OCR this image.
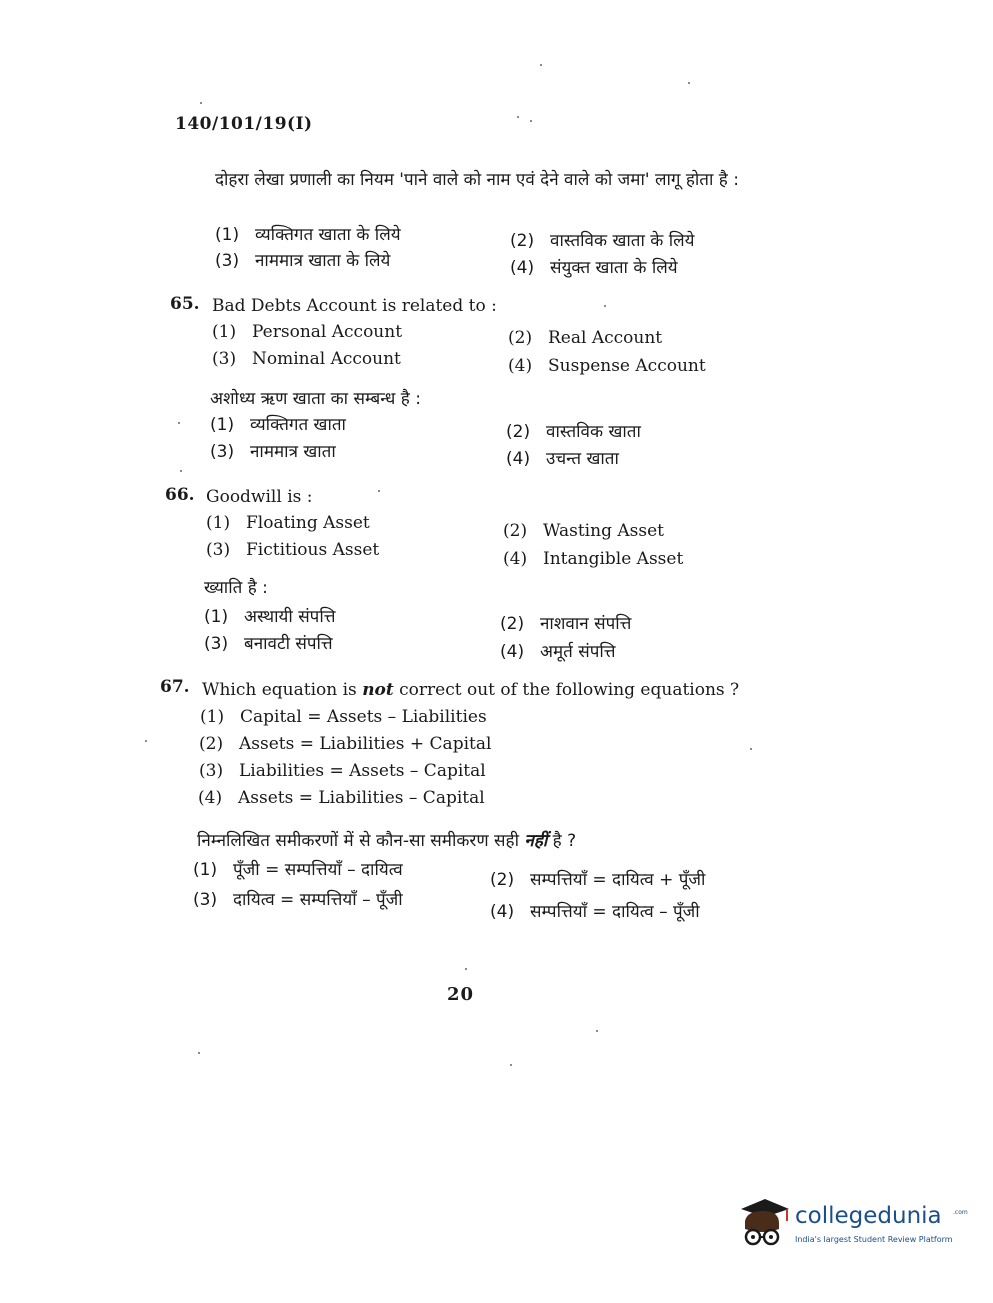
140/101/19(I)
दोहरा लेखा प्रणाली का नियम 'पाने वाले को नाम एवं देने वाले को जमा' लागू होता है :
(1) व्यक्तिगत खाता के लिये	(2) वास्तविक खाता के लिये
(3) नाममात्र खाता के लिये	(4) संयुक्त खाता के लिये
65. Bad Debts Account is related to :
(1) Personal Account	(2) Real Account
(3) Nominal Account	(4) Suspense Account
अशोध्य ऋण खाता का सम्बन्ध है :
(1) व्यक्तिगत खाता	(2) वास्तविक खाता
(3) नाममात्र खाता	(4) उचन्त खाता
66. Goodwill is :
(1) Floating Asset	(2) Wasting Asset
(3) Fictitious Asset	(4) Intangible Asset
ख्याति है :
(1) अस्थायी संपत्ति	(2) नाशवान संपत्ति
(3) बनावटी संपत्ति	(4) अमूर्त संपत्ति
67. Which equation is not correct out of the following equations ?
(1) Capital = Assets – Liabilities
(2) Assets = Liabilities + Capital
(3) Liabilities = Assets – Capital
(4) Assets = Liabilities – Capital
निम्नलिखित समीकरणों में से कौन-सा समीकरण सही नहीं है ?
(1) पूँजी = सम्पत्तियाँ – दायित्व	(2) सम्पत्तियाँ = दायित्व + पूँजी
(3) दायित्व = सम्पत्तियाँ – पूँजी
(4) सम्पत्तियाँ = दायित्व – पूँजी
20
collegedunia .com
India's largest Student Review Platform
